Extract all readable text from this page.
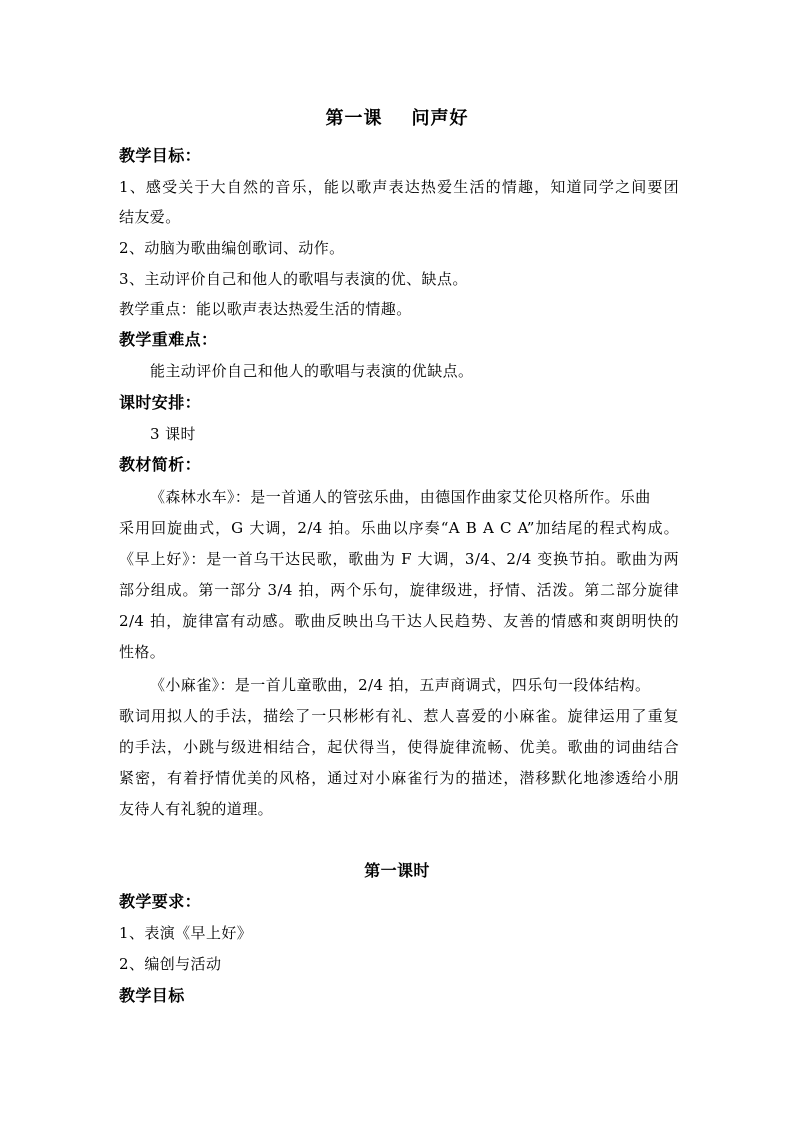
第一课    问声好
教学目标：
1、感受关于大自然的音乐，能以歌声表达热爱生活的情趣，知道同学之间要团
结友爱。
2、动脑为歌曲编创歌词、动作。
3、主动评价自己和他人的歌唱与表演的优、缺点。
教学重点：能以歌声表达热爱生活的情趣。
教学重难点：
能主动评价自己和他人的歌唱与表演的优缺点。
课时安排：
3 课时
教材简析：
《森林水车》：是一首通人的管弦乐曲，由德国作曲家艾伦贝格所作。乐曲
采用回旋曲式，G 大调，2/4 拍。乐曲以序奏“A B A C A”加结尾的程式构成。
《早上好》：是一首乌干达民歌，歌曲为 F 大调，3/4、2/4 变换节拍。歌曲为两
部分组成。第一部分 3/4 拍，两个乐句，旋律级进，抒情、活泼。第二部分旋律
2/4 拍，旋律富有动感。歌曲反映出乌干达人民趋势、友善的情感和爽朗明快的
性格。
《小麻雀》：是一首儿童歌曲，2/4 拍，五声商调式，四乐句一段体结构。
歌词用拟人的手法，描绘了一只彬彬有礼、惹人喜爱的小麻雀。旋律运用了重复
的手法，小跳与级进相结合，起伏得当，使得旋律流畅、优美。歌曲的词曲结合
紧密，有着抒情优美的风格，通过对小麻雀行为的描述，潜移默化地渗透给小朋
友待人有礼貌的道理。
第一课时
教学要求：
1、表演《早上好》
2、编创与活动
教学目标
